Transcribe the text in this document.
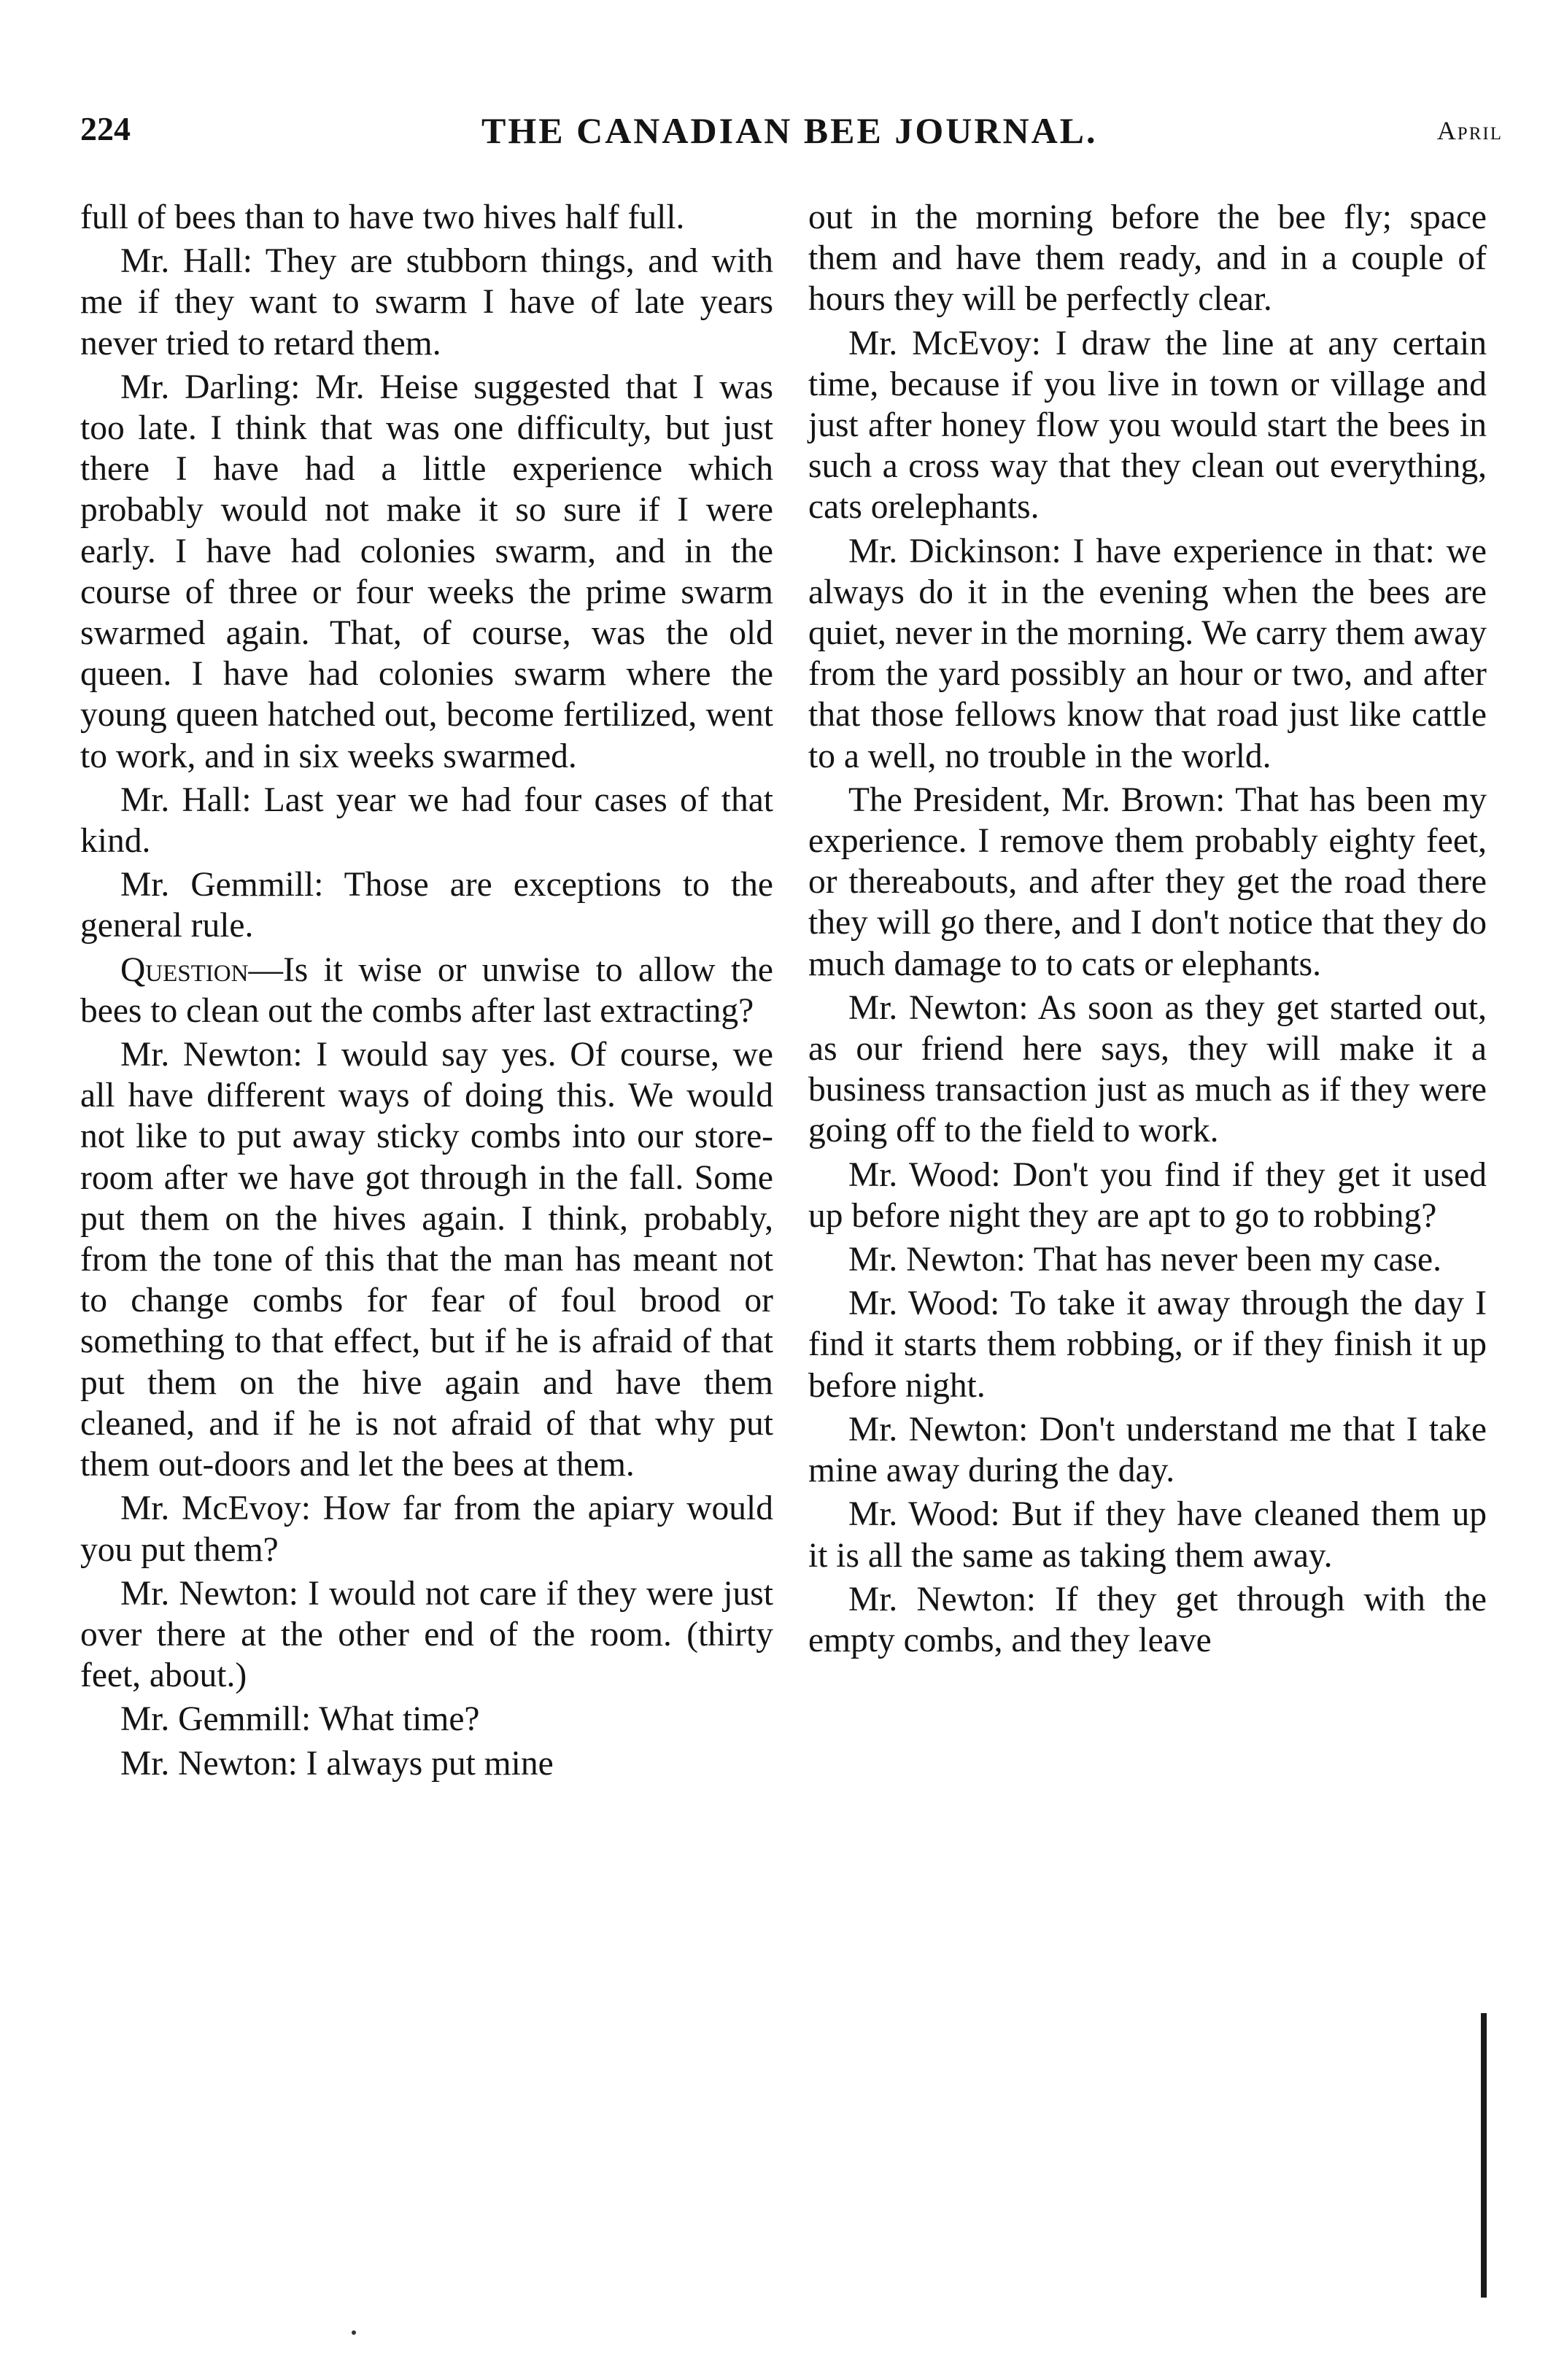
224	THE CANADIAN BEE JOURNAL.	April

full of bees than to have two hives half full.

Mr. Hall: They are stubborn things, and with me if they want to swarm I have of late years never tried to retard them.

Mr. Darling: Mr. Heise suggested that I was too late. I think that was one difficulty, but just there I have had a little experience which probably would not make it so sure if I were early. I have had colonies swarm, and in the course of three or four weeks the prime swarm swarmed again. That, of course, was the old queen. I have had colonies swarm where the young queen hatched out, become fertilized, went to work, and in six weeks swarmed.

Mr. Hall: Last year we had four cases of that kind.

Mr. Gemmill: Those are exceptions to the general rule.

Question—Is it wise or unwise to allow the bees to clean out the combs after last extracting?

Mr. Newton: I would say yes. Of course, we all have different ways of doing this. We would not like to put away sticky combs into our store-room after we have got through in the fall. Some put them on the hives again. I think, probably, from the tone of this that the man has meant not to change combs for fear of foul brood or something to that effect, but if he is afraid of that put them on the hive again and have them cleaned, and if he is not afraid of that why put them out-doors and let the bees at them.

Mr. McEvoy: How far from the apiary would you put them?

Mr. Newton: I would not care if they were just over there at the other end of the room. (thirty feet, about.)

Mr. Gemmill: What time?

Mr. Newton: I always put mine

out in the morning before the bee fly; space them and have them ready, and in a couple of hours they will be perfectly clear.

Mr. McEvoy: I draw the line at any certain time, because if you live in town or village and just after honey flow you would start the bees in such a cross way that they clean out everything, cats orelephants.

Mr. Dickinson: I have experience in that: we always do it in the evening when the bees are quiet, never in the morning. We carry them away from the yard possibly an hour or two, and after that those fellows know that road just like cattle to a well, no trouble in the world.

The President, Mr. Brown: That has been my experience. I remove them probably eighty feet, or thereabouts, and after they get the road there they will go there, and I don't notice that they do much damage to to cats or elephants.

Mr. Newton: As soon as they get started out, as our friend here says, they will make it a business transaction just as much as if they were going off to the field to work.

Mr. Wood: Don't you find if they get it used up before night they are apt to go to robbing?

Mr. Newton: That has never been my case.

Mr. Wood: To take it away through the day I find it starts them robbing, or if they finish it up before night.

Mr. Newton: Don't understand me that I take mine away during the day.

Mr. Wood: But if they have cleaned them up it is all the same as taking them away.

Mr. Newton: If they get through with the empty combs, and they leave
